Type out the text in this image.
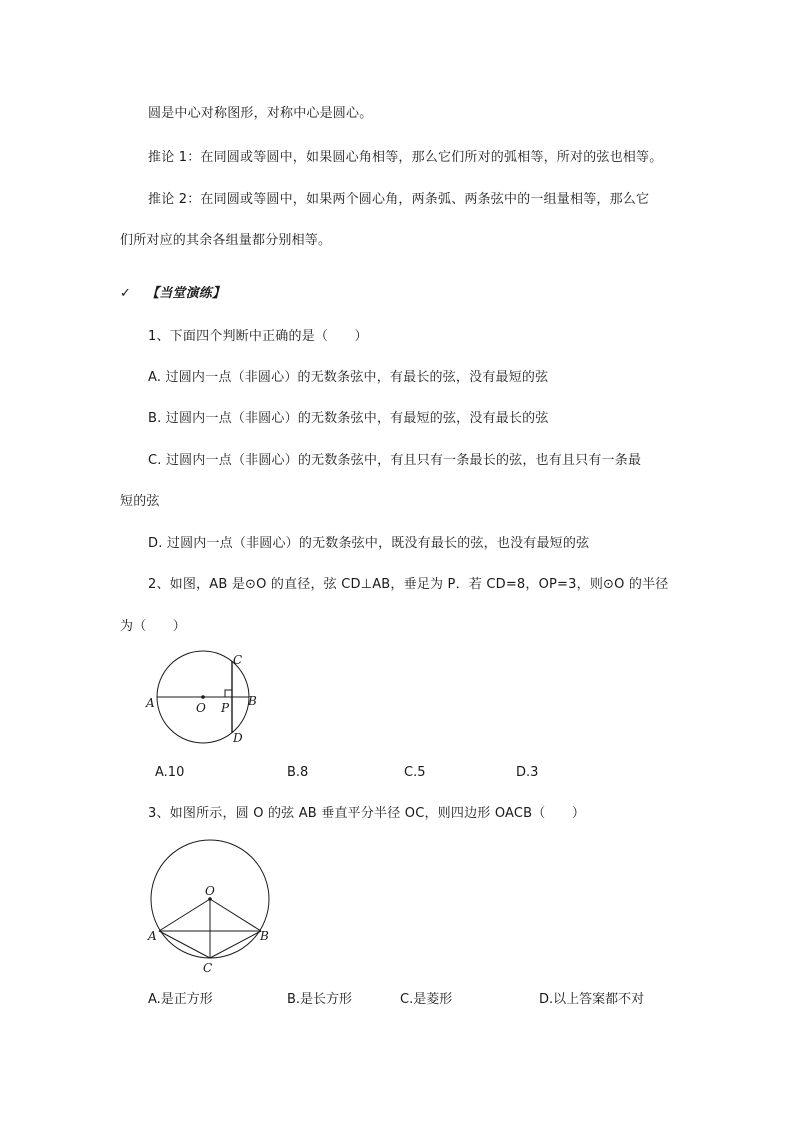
圆是中心对称图形，对称中心是圆心。
推论 1：在同圆或等圆中，如果圆心角相等，那么它们所对的弧相等，所对的弦也相等。
推论 2：在同圆或等圆中，如果两个圆心角，两条弧、两条弦中的一组量相等，那么它
们所对应的其余各组量都分别相等。
✓ 【当堂演练】
1、下面四个判断中正确的是（　　）
A. 过圆内一点（非圆心）的无数条弦中，有最长的弦，没有最短的弦
B. 过圆内一点（非圆心）的无数条弦中，有最短的弦，没有最长的弦
C. 过圆内一点（非圆心）的无数条弦中，有且只有一条最长的弦，也有且只有一条最
短的弦
D. 过圆内一点（非圆心）的无数条弦中，既没有最长的弦，也没有最短的弦
2、如图，AB 是⊙O 的直径，弦 CD⊥AB，垂足为 P．若 CD=8，OP=3，则⊙O 的半径
为（　　）
A	O P B
C
D
A.10	B.8	C.5	D.3
3、如图所示，圆 O 的弦 AB 垂直平分半径 OC，则四边形 OACB（　　）
O
A	B
C
A.是正方形	B.是长方形	C.是菱形	D.以上答案都不对
